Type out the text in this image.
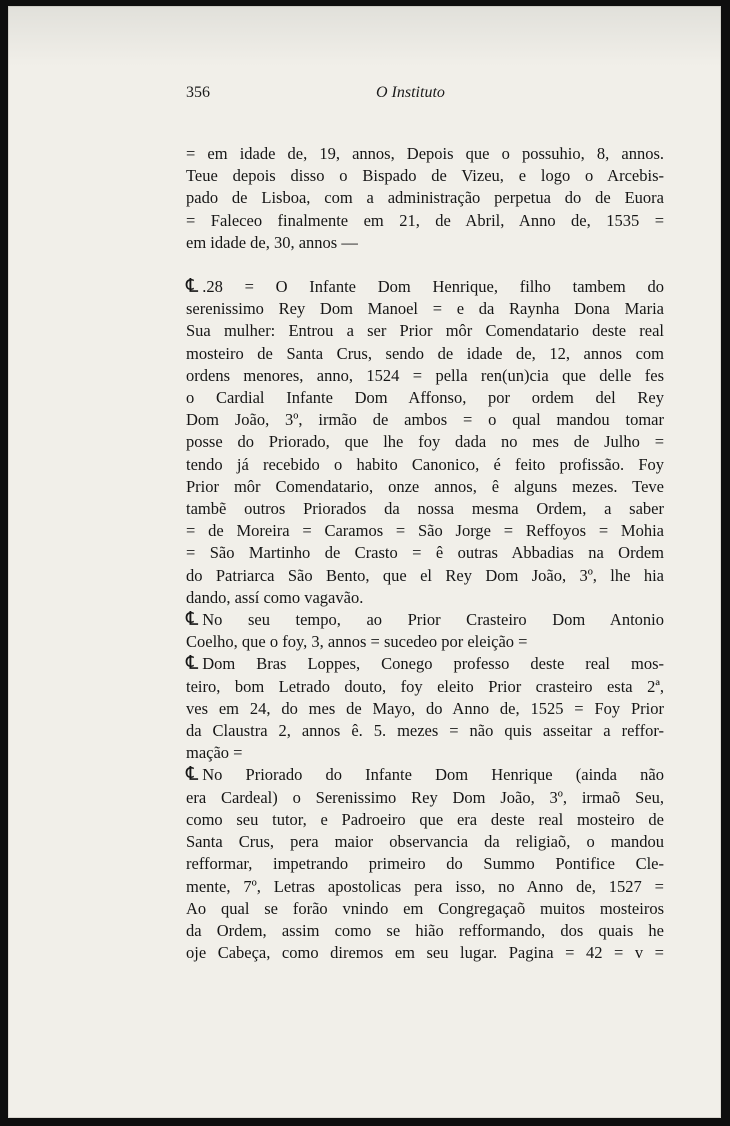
356	O Instituto
= em idade de, 19, annos, Depois que o possuhio, 8, annos.
Teue depois disso o Bispado de Vizeu, e logo o Arcebis-
pado de Lisboa, com a administração perpetua do de Euora
= Faleceo finalmente em 21, de Abril, Anno de, 1535 =
em idade de, 30, annos —
℄ .28 = O Infante Dom Henrique, filho tambem do
serenissimo Rey Dom Manoel = e da Raynha Dona Maria
Sua mulher: Entrou a ser Prior môr Comendatario deste real
mosteiro de Santa Crus, sendo de idade de, 12, annos com
ordens menores, anno, 1524 = pella ren(un)cia que delle fes
o Cardial Infante Dom Affonso, por ordem del Rey
Dom João, 3º, irmão de ambos = o qual mandou tomar
posse do Priorado, que lhe foy dada no mes de Julho =
tendo já recebido o habito Canonico, é feito profissão. Foy
Prior môr Comendatario, onze annos, ê alguns mezes. Teve
tambẽ outros Priorados da nossa mesma Ordem, a saber
= de Moreira = Caramos = São Jorge = Reffoyos = Mohia
= São Martinho de Crasto = ê outras Abbadias na Ordem
do Patriarca São Bento, que el Rey Dom João, 3º, lhe hia
dando, assí como vagavão.
℄ No seu tempo, ao Prior Crasteiro Dom Antonio
Coelho, que o foy, 3, annos = sucedeo por eleição =
℄ Dom Bras Loppes, Conego professo deste real mos-
teiro, bom Letrado douto, foy eleito Prior crasteiro esta 2ª,
ves em 24, do mes de Mayo, do Anno de, 1525 = Foy Prior
da Claustra 2, annos ê. 5. mezes = não quis asseitar a reffor-
mação =
℄ No Priorado do Infante Dom Henrique (ainda não
era Cardeal) o Serenissimo Rey Dom João, 3º, irmaõ Seu,
como seu tutor, e Padroeiro que era deste real mosteiro de
Santa Crus, pera maior observancia da religiaõ, o mandou
refformar, impetrando primeiro do Summo Pontifice Cle-
mente, 7º, Letras apostolicas pera isso, no Anno de, 1527 =
Ao qual se forão vnindo em Congregaçaõ muitos mosteiros
da Ordem, assim como se hião refformando, dos quais he
oje Cabeça, como diremos em seu lugar. Pagina = 42 = v =
